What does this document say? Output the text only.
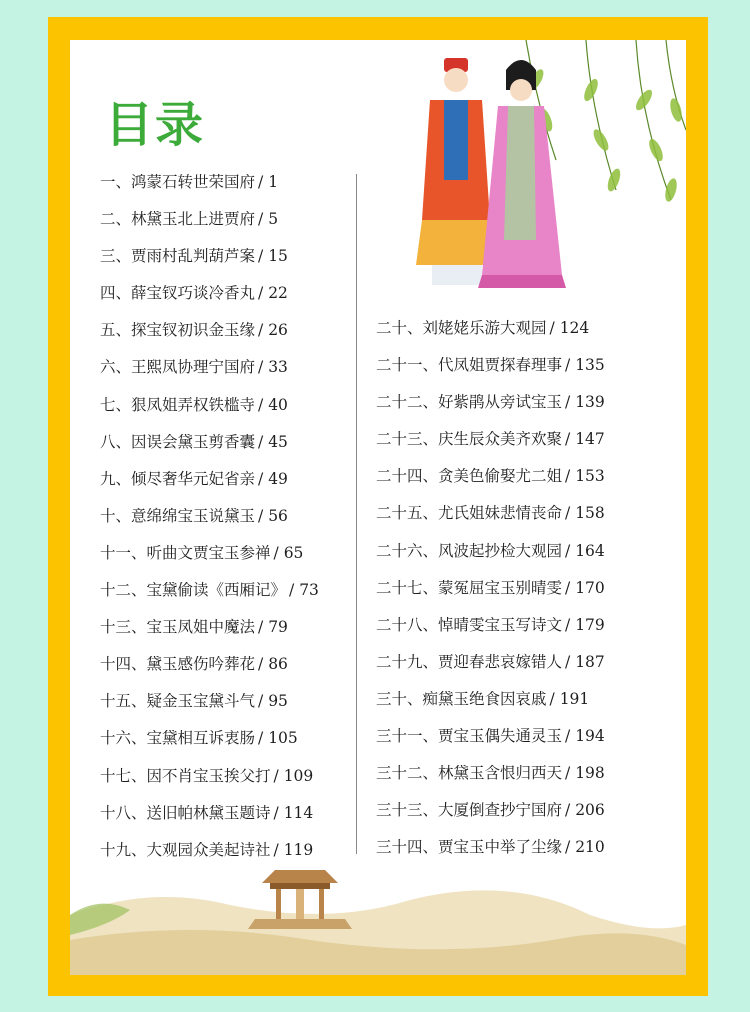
目录
一、鸿蒙石转世荣国府 / 1
二、林黛玉北上进贾府 / 5
三、贾雨村乱判葫芦案 / 15
四、薛宝钗巧谈冷香丸 / 22
五、探宝钗初识金玉缘 / 26
六、王熙凤协理宁国府 / 33
七、狠凤姐弄权铁槛寺 / 40
八、因误会黛玉剪香囊 / 45
九、倾尽奢华元妃省亲 / 49
十、意绵绵宝玉说黛玉 / 56
十一、听曲文贾宝玉参禅 / 65
十二、宝黛偷读《西厢记》 / 73
十三、宝玉凤姐中魔法 / 79
十四、黛玉感伤吟葬花 / 86
十五、疑金玉宝黛斗气 / 95
十六、宝黛相互诉衷肠 / 105
十七、因不肖宝玉挨父打 / 109
十八、送旧帕林黛玉题诗 / 114
十九、大观园众美起诗社 / 119
二十、刘姥姥乐游大观园 / 124
二十一、代凤姐贾探春理事 / 135
二十二、好紫鹃从旁试宝玉 / 139
二十三、庆生辰众美齐欢聚 / 147
二十四、贪美色偷娶尤二姐 / 153
二十五、尤氏姐妹悲情丧命 / 158
二十六、风波起抄检大观园 / 164
二十七、蒙冤屈宝玉别晴雯 / 170
二十八、悼晴雯宝玉写诗文 / 179
二十九、贾迎春悲哀嫁错人 / 187
三十、痴黛玉绝食因哀戚 / 191
三十一、贾宝玉偶失通灵玉 / 194
三十二、林黛玉含恨归西天 / 198
三十三、大厦倒查抄宁国府 / 206
三十四、贾宝玉中举了尘缘 / 210
